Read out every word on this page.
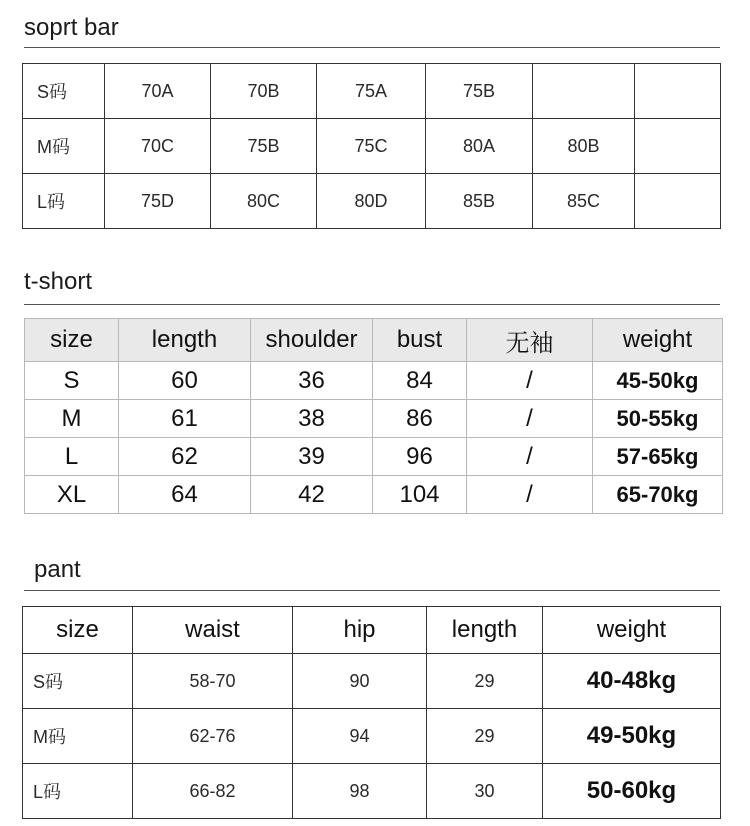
soprt bar
S码	70A	70B	75A	75B		
M码	70C	75B	75C	80A	80B	
L码	75D	80C	80D	85B	85C	
t-short
size	length	shoulder	bust	无袖	weight
S	60	36	84	/	45-50kg
M	61	38	86	/	50-55kg
L	62	39	96	/	57-65kg
XL	64	42	104	/	65-70kg
pant
size	waist	hip	length	weight
S码	58-70	90	29	40-48kg
M码	62-76	94	29	49-50kg
L码	66-82	98	30	50-60kg
